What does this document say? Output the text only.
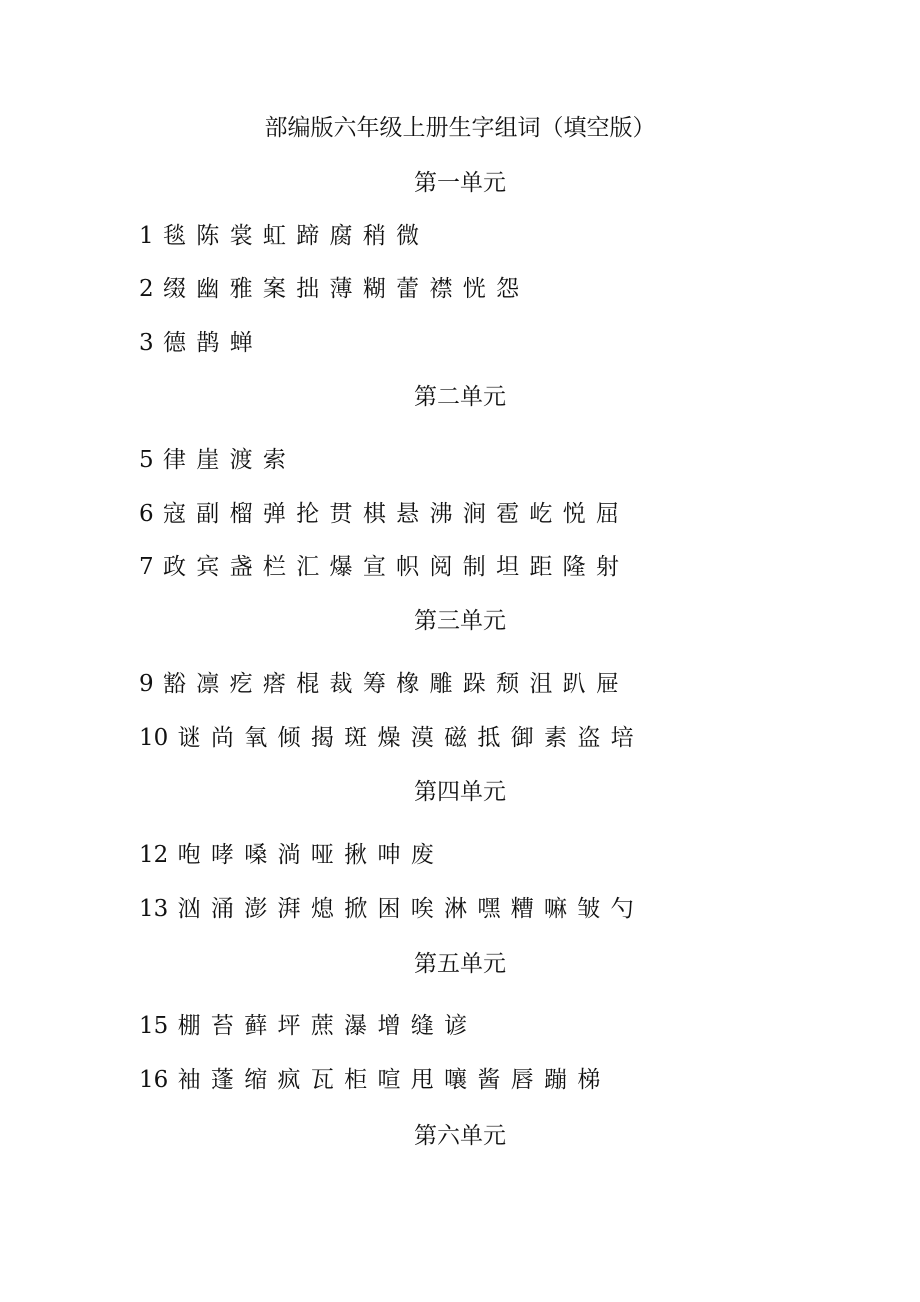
部编版六年级上册生字组词（填空版）
第一单元
1 毯 陈 裳 虹 蹄 腐 稍 微
2 缀 幽 雅 案 拙 薄 糊 蕾 襟 恍 怨
3 德 鹊 蝉
第二单元
5 律 崖 渡 索
6 寇 副 榴 弹 抡 贯 棋 悬 沸 涧 雹 屹 悦 屈
7 政 宾 盏 栏 汇 爆 宣 帜 阅 制 坦 距 隆 射
第三单元
9 豁 凛 疙 瘩 棍 裁 筹 橡 雕 跺 颓 沮 趴 屉
10 谜 尚 氧 倾 揭 斑 燥 漠 磁 抵 御 素 盗 培
第四单元
12 咆 哮 嗓 淌 哑 揪 呻 废
13 汹 涌 澎 湃 熄 掀 困 唉 淋 嘿 糟 嘛 皱 勺
第五单元
15 棚 苔 藓 坪 蔗 瀑 增 缝 谚
16 袖 蓬 缩 疯 瓦 柜 喧 甩 嚷 酱 唇 蹦 梯
第六单元
